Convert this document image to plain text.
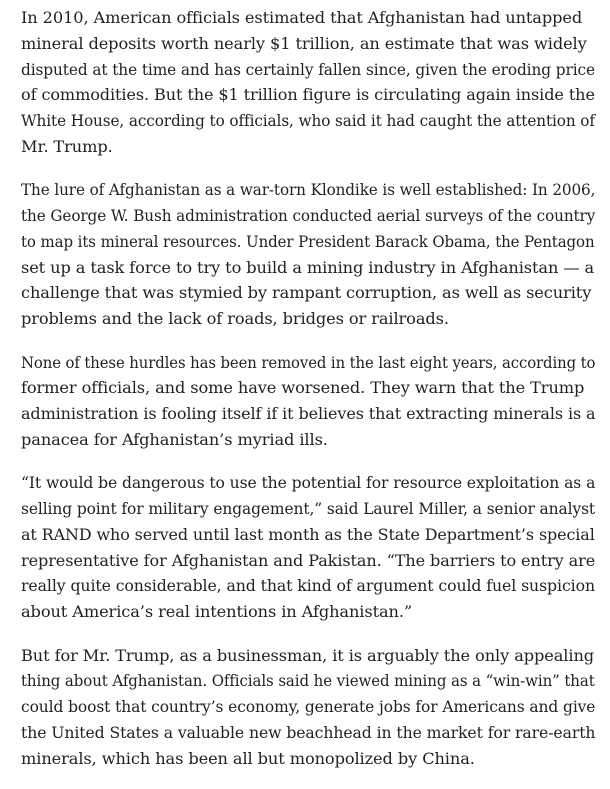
In 2010, American officials estimated that Afghanistan had untapped
mineral deposits worth nearly $1 trillion, an estimate that was widely
disputed at the time and has certainly fallen since, given the eroding price
of commodities. But the $1 trillion figure is circulating again inside the
White House, according to officials, who said it had caught the attention of
Mr. Trump.

The lure of Afghanistan as a war-torn Klondike is well established: In 2006,
the George W. Bush administration conducted aerial surveys of the country
to map its mineral resources. Under President Barack Obama, the Pentagon
set up a task force to try to build a mining industry in Afghanistan — a
challenge that was stymied by rampant corruption, as well as security
problems and the lack of roads, bridges or railroads.

None of these hurdles has been removed in the last eight years, according to
former officials, and some have worsened. They warn that the Trump
administration is fooling itself if it believes that extracting minerals is a
panacea for Afghanistan’s myriad ills.

“It would be dangerous to use the potential for resource exploitation as a
selling point for military engagement,” said Laurel Miller, a senior analyst
at RAND who served until last month as the State Department’s special
representative for Afghanistan and Pakistan. “The barriers to entry are
really quite considerable, and that kind of argument could fuel suspicion
about America’s real intentions in Afghanistan.”

But for Mr. Trump, as a businessman, it is arguably the only appealing
thing about Afghanistan. Officials said he viewed mining as a “win-win” that
could boost that country’s economy, generate jobs for Americans and give
the United States a valuable new beachhead in the market for rare-earth
minerals, which has been all but monopolized by China.
